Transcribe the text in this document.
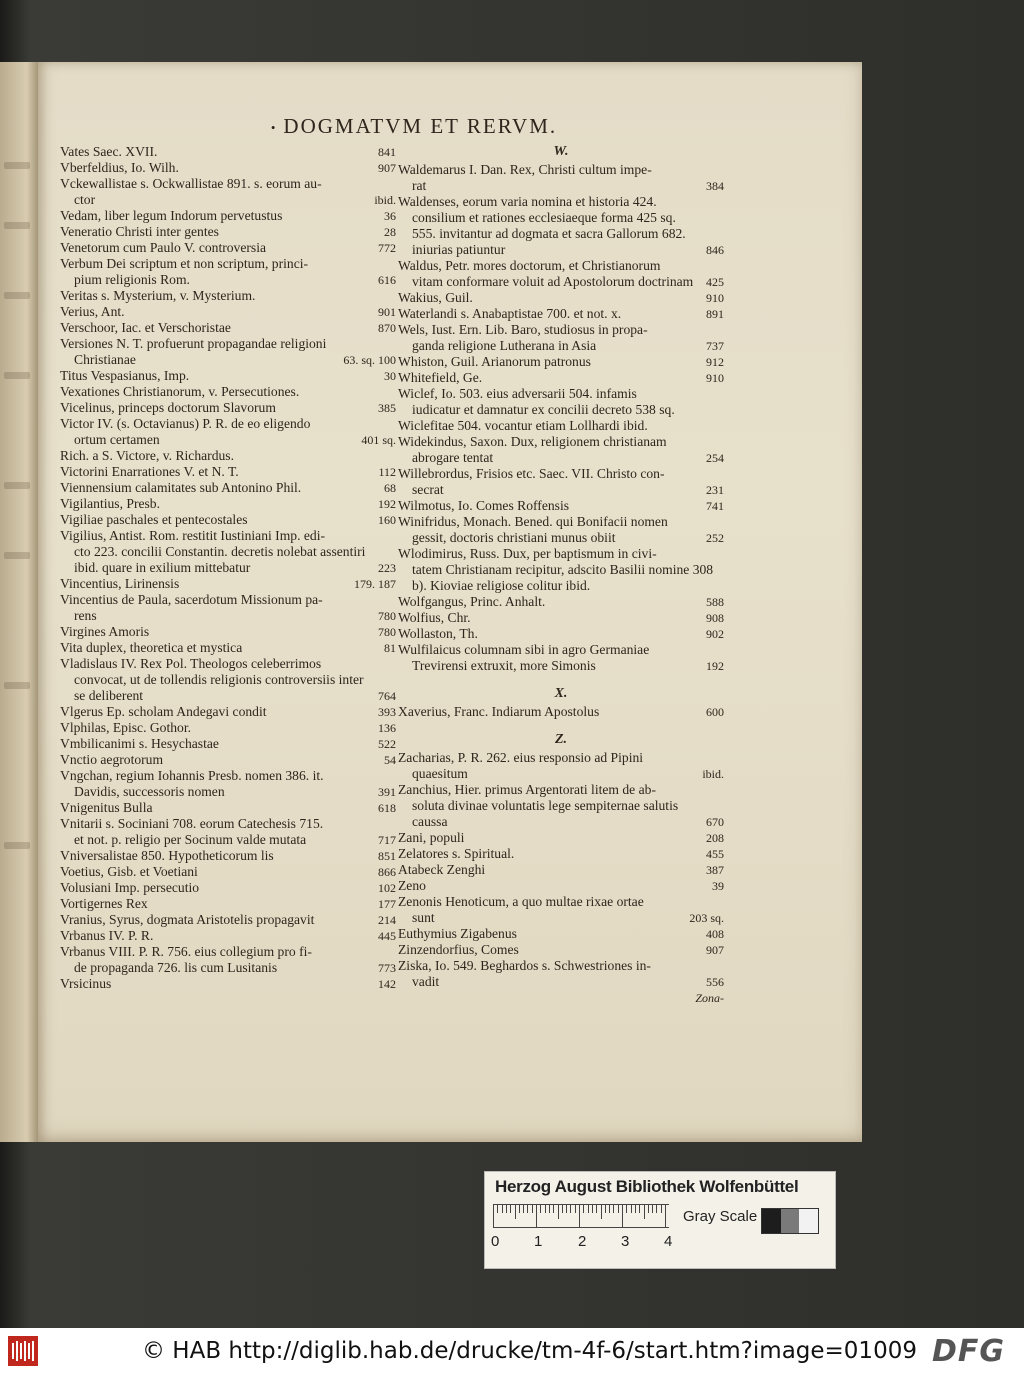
• DOGMATVM ET RERVM.
Vates Saec. XVII.	841
Vberfeldius, Io. Wilh.	907
Vckewallistae s. Ockwallistae 891. s. eorum au-
ctor	ibid.
Vedam, liber legum Indorum pervetustus	36
Veneratio Christi inter gentes	28
Venetorum cum Paulo V. controversia	772
Verbum Dei scriptum et non scriptum, princi-
pium religionis Rom.	616
Veritas s. Mysterium, v. Mysterium.
Verius, Ant.	901
Verschoor, Iac. et Verschoristae	870
Versiones N. T. profuerunt propagandae religioni
Christianae	63. sq. 100
Titus Vespasianus, Imp.	30
Vexationes Christianorum, v. Persecutiones.
Vicelinus, princeps doctorum Slavorum	385
Victor IV. (s. Octavianus) P. R. de eo eligendo
ortum certamen	401 sq.
Rich. a S. Victore, v. Richardus.
Victorini Enarrationes V. et N. T.	112
Viennensium calamitates sub Antonino Phil.	68
Vigilantius, Presb.	192
Vigiliae paschales et pentecostales	160
Vigilius, Antist. Rom. restitit Iustiniani Imp. edi-
cto 223. concilii Constantin. decretis nolebat assentiri ibid. quare in exilium mittebatur	223
Vincentius, Lirinensis	179. 187
Vincentius de Paula, sacerdotum Missionum pa-
rens	780
Virgines Amoris	780
Vita duplex, theoretica et mystica	81
Vladislaus IV. Rex Pol. Theologos celeberrimos
convocat, ut de tollendis religionis controversiis inter se deliberent	764
Vlgerus Ep. scholam Andegavi condit	393
Vlphilas, Episc. Gothor.	136
Vmbilicanimi s. Hesychastae	522
Vnctio aegrotorum	54
Vngchan, regium Iohannis Presb. nomen 386. it.
Davidis, successoris nomen	391
Vnigenitus Bulla	618
Vnitarii s. Sociniani 708. eorum Catechesis 715.
et not. p. religio per Socinum valde mutata	717
Vniversalistae 850. Hypotheticorum lis	851
Voetius, Gisb. et Voetiani	866
Volusiani Imp. persecutio	102
Vortigernes Rex	177
Vranius, Syrus, dogmata Aristotelis propagavit	214
Vrbanus IV. P. R.	445
Vrbanus VIII. P. R. 756. eius collegium pro fi-
de propaganda 726. lis cum Lusitanis	773
Vrsicinus	142
W.
Waldemarus I. Dan. Rex, Christi cultum impe-
rat	384
Waldenses, eorum varia nomina et historia 424.
consilium et rationes ecclesiaeque forma 425 sq. 555. invitantur ad dogmata et sacra Gallorum 682. iniurias patiuntur	846
Waldus, Petr. mores doctorum, et Christianorum
vitam conformare voluit ad Apostolorum doctrinam	425
Wakius, Guil.	910
Waterlandi s. Anabaptistae 700. et not. x.	891
Wels, Iust. Ern. Lib. Baro, studiosus in propa-
ganda religione Lutherana in Asia	737
Whiston, Guil. Arianorum patronus	912
Whitefield, Ge.	910
Wiclef, Io. 503. eius adversarii 504. infamis
iudicatur et damnatur ex concilii decreto 538 sq.
Wiclefitae 504. vocantur etiam Lollhardi ibid.
Widekindus, Saxon. Dux, religionem christianam
abrogare tentat	254
Willebrordus, Frisios etc. Saec. VII. Christo con-
secrat	231
Wilmotus, Io. Comes Roffensis	741
Winifridus, Monach. Bened. qui Bonifacii nomen
gessit, doctoris christiani munus obiit	252
Wlodimirus, Russ. Dux, per baptismum in civi-
tatem Christianam recipitur, adscito Basilii nomine 308 b). Kioviae religiose colitur ibid.
Wolfgangus, Princ. Anhalt.	588
Wolfius, Chr.	908
Wollaston, Th.	902
Wulfilaicus columnam sibi in agro Germaniae
Trevirensi extruxit, more Simonis	192
X.
Xaverius, Franc. Indiarum Apostolus	600
Z.
Zacharias, P. R. 262. eius responsio ad Pipini
quaesitum	ibid.
Zanchius, Hier. primus Argentorati litem de ab-
soluta divinae voluntatis lege sempiternae salutis caussa	670
Zani, populi	208
Zelatores s. Spiritual.	455
Atabeck Zenghi	387
Zeno	39
Zenonis Henoticum, a quo multae rixae ortae
sunt	203 sq.
Euthymius Zigabenus	408
Zinzendorfius, Comes	907
Ziska, Io. 549. Beghardos s. Schwestriones in-
vadit	556
Zona-
Herzog August Bibliothek Wolfenbüttel
0 1 2 3 4
Gray Scale
© HAB http://diglib.hab.de/drucke/tm-4f-6/start.htm?image=01009 DFG
